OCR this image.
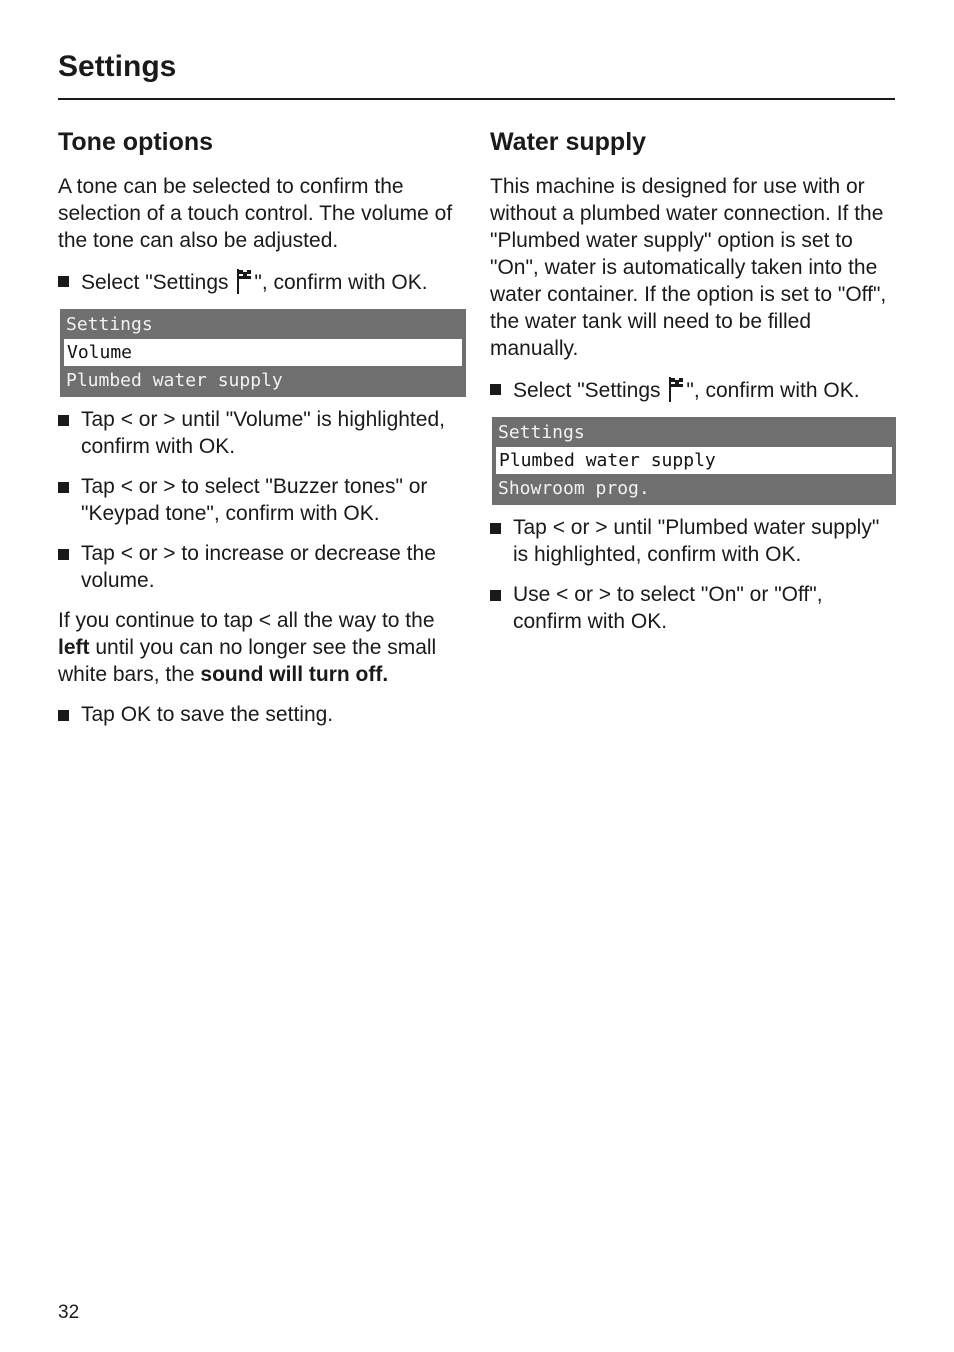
Settings
Tone options

A tone can be selected to confirm the selection of a touch control. The volume of the tone can also be adjusted.

Select "Settings ", confirm with OK.
Settings
Volume
Plumbed water supply
Tap < or > until "Volume" is highlighted, confirm with OK.
Tap < or > to select "Buzzer tones" or "Keypad tone", confirm with OK.
Tap < or > to increase or decrease the volume.

If you continue to tap < all the way to the left until you can no longer see the small white bars, the sound will turn off.

Tap OK to save the setting.
Water supply

This machine is designed for use with or without a plumbed water connection. If the "Plumbed water supply" option is set to "On", water is automatically taken into the water container. If the option is set to "Off", the water tank will need to be filled manually.

Select "Settings ", confirm with OK.
Settings
Plumbed water supply
Showroom prog.
Tap < or > until "Plumbed water supply" is highlighted, confirm with OK.
Use < or > to select "On" or "Off", confirm with OK.
32
